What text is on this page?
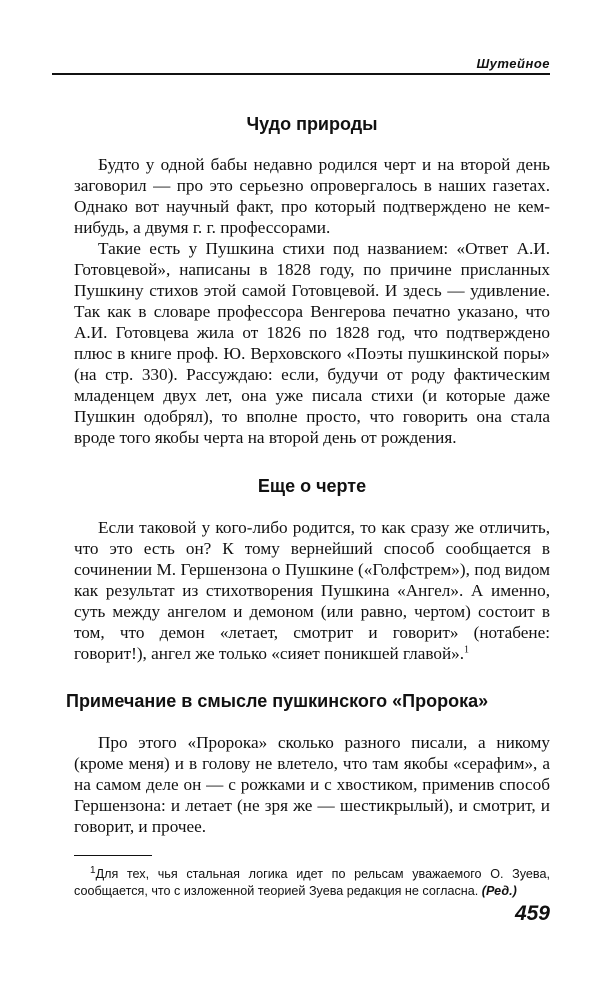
Шутейное
Чудо природы

Будто у одной бабы недавно родился черт и на второй день заговорил — про это серьезно опровергалось в наших газетах. Однако вот научный факт, про который подтверждено не кем-нибудь, а двумя г. г. профессорами.

Такие есть у Пушкина стихи под названием: «Ответ А.И. Готовцевой», написаны в 1828 году, по причине присланных Пушкину стихов этой самой Готовцевой. И здесь — удивление. Так как в словаре профессора Венгерова печатно указано, что А.И. Готовцева жила от 1826 по 1828 год, что подтверждено плюс в книге проф. Ю. Верховского «Поэты пушкинской поры» (на стр. 330). Рассуждаю: если, будучи от роду фактическим младенцем двух лет, она уже писала стихи (и которые даже Пушкин одобрял), то вполне просто, что говорить она стала вроде того якобы черта на второй день от рождения.

Еще о черте

Если таковой у кого-либо родится, то как сразу же отличить, что это есть он? К тому вернейший способ сообщается в сочинении М. Гершензона о Пушкине («Голфстрем»), под видом как результат из стихотворения Пушкина «Ангел». А именно, суть между ангелом и демоном (или равно, чертом) состоит в том, что демон «летает, смотрит и говорит» (нотабене: говорит!), ангел же только «сияет поникшей главой».$^1$

Примечание в смысле пушкинского «Пророка»

Про этого «Пророка» сколько разного писали, а никому (кроме меня) и в голову не влетело, что там якобы «серафим», а на самом деле он — с рожками и с хвостиком, применив способ Гершензона: и летает (не зря же — шестикрылый), и смотрит, и говорит, и прочее.

$^1$Для тех, чья стальная логика идет по рельсам уважаемого О. Зуева, сообщается, что с изложенной теорией Зуева редакция не согласна. (Ред.)

459
